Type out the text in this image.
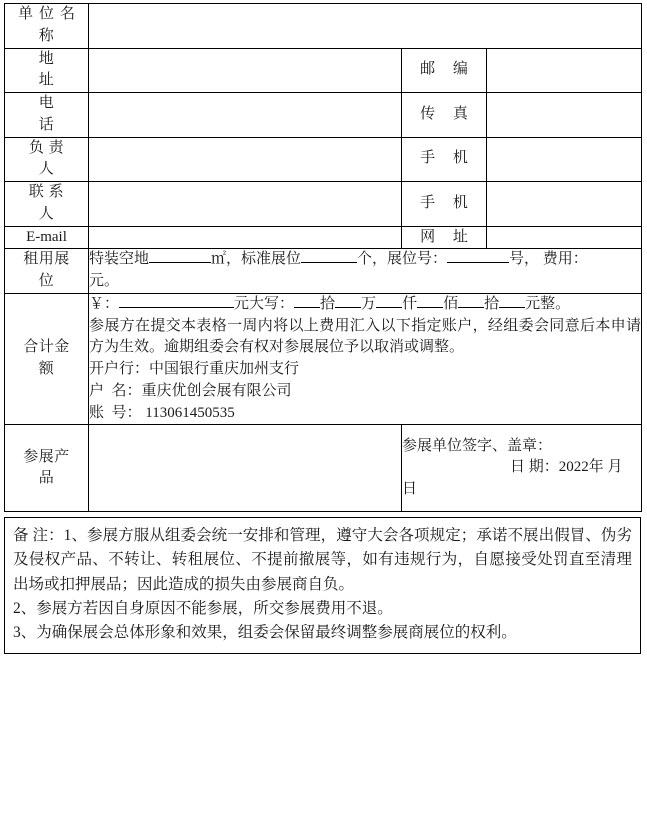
单位名
称			

地
址		邮 编	

电
话		传 真	

负 责
人		手 机	

联 系
人		手 机	
E-mail		网 址	

租用展
位	特装空地 ㎡，标准展位 个，展位号： 号， 费用：
元。		

合计金
额

￥：	元大写： 拾 万 仟 佰 拾 元整。
参展方在提交本表格一周内将以上费用汇入以下指定账户，经组委会同意后本申请方为生效。逾期组委会有权对参展展位予以取消或调整。
开户行：中国银行重庆加州支行
户  名：重庆优创会展有限公司
账  号： 113061450535

参展产
品		参展单位签字、盖章：
日 期：2022年 月
日	

备 注：1、参展方服从组委会统一安排和管理，遵守大会各项规定；承诺不展出假冒、伪劣及侵权产品、不转让、转租展位、不提前撤展等，如有违规行为，自愿接受处罚直至清理出场或扣押展品；因此造成的损失由参展商自负。

2、参展方若因自身原因不能参展，所交参展费用不退。

3、为确保展会总体形象和效果，组委会保留最终调整参展商展位的权利。
